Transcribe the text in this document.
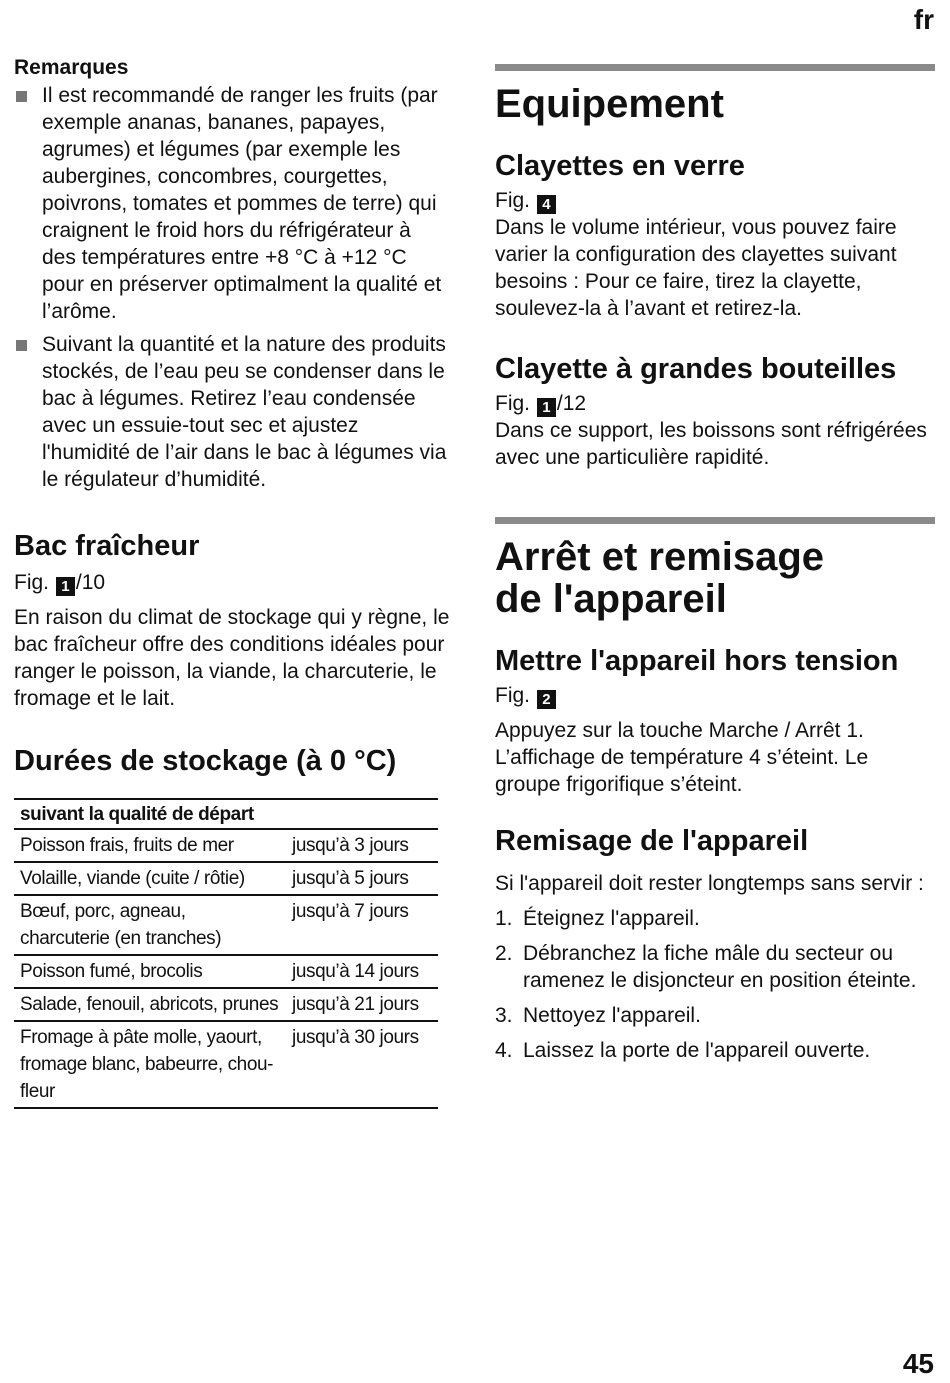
fr
Remarques
Il est recommandé de ranger les fruits (par exemple ananas, bananes, papayes, agrumes) et légumes (par exemple les aubergines, concombres, courgettes, poivrons, tomates et pommes de terre) qui craignent le froid hors du réfrigérateur à des températures entre +8 °C à +12 °C pour en préserver optimalment la qualité et l’arôme.
Suivant la quantité et la nature des produits stockés, de l’eau peu se condenser dans le bac à légumes. Retirez l’eau condensée avec un essuie-tout sec et ajustez l'humidité de l’air dans le bac à légumes via le régulateur d’humidité.
Bac fraîcheur

Fig. 1 /10

En raison du climat de stockage qui y règne, le bac fraîcheur offre des conditions idéales pour ranger le poisson, la viande, la charcuterie, le fromage et le lait.

Durées de stockage (à 0 °C)
suivant la qualité de départ	
Poisson frais, fruits de mer	jusqu’à 3 jours
Volaille, viande (cuite / rôtie)	jusqu’à 5 jours
Bœuf, porc, agneau, charcuterie (en tranches)	jusqu’à 7 jours
Poisson fumé, brocolis	jusqu’à 14 jours
Salade, fenouil, abricots, prunes	jusqu’à 21 jours
Fromage à pâte molle, yaourt, fromage blanc, babeurre, chou-fleur	jusqu’à 30 jours
Equipement
Clayettes en verre

Fig. 4

Dans le volume intérieur, vous pouvez faire varier la configuration des clayettes suivant besoins : Pour ce faire, tirez la clayette, soulevez-la à l’avant et retirez-la.

Clayette à grandes bouteilles

Fig. 1 /12

Dans ce support, les boissons sont réfrigérées avec une particulière rapidité.

Arrêt et remisage
de l'appareil
Mettre l'appareil hors tension

Fig. 2

Appuyez sur la touche Marche / Arrêt 1. L’affichage de température 4 s’éteint. Le groupe frigorifique s’éteint.

Remisage de l'appareil

Si l'appareil doit rester longtemps sans servir :

1. Éteignez l'appareil.
2. Débranchez la fiche mâle du secteur ou ramenez le disjoncteur en position éteinte.
3. Nettoyez l'appareil.
4. Laissez la porte de l'appareil ouverte.
45
